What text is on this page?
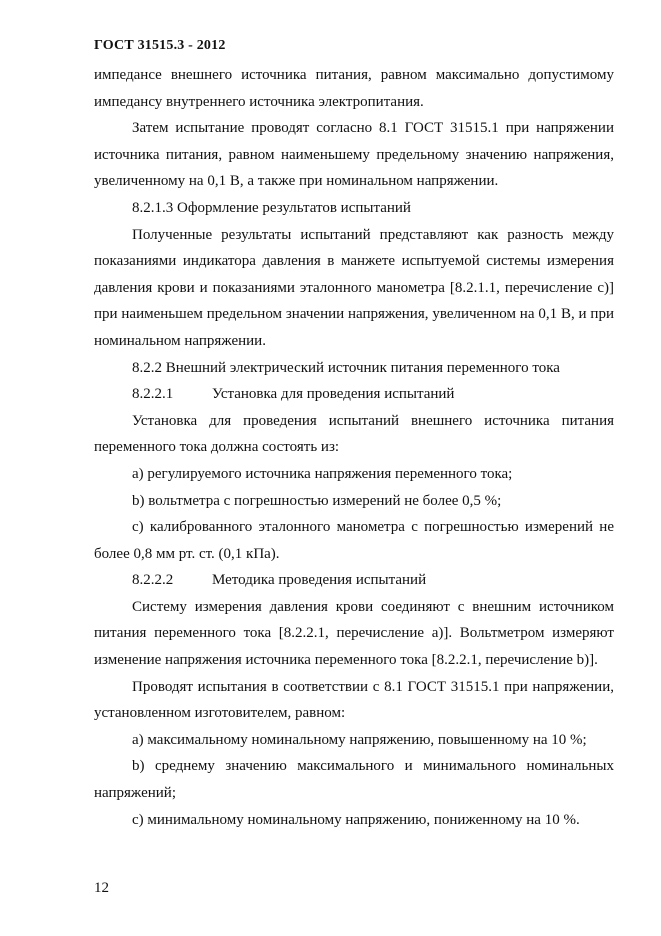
ГОСТ 31515.3 - 2012

импедансе внешнего источника питания, равном максимально допустимому импедансу внутреннего источника электропитания.

Затем испытание проводят согласно 8.1 ГОСТ 31515.1 при напряжении источника питания, равном наименьшему предельному значению напряжения, увеличенному на 0,1 В, а также при номинальном напряжении.

8.2.1.3 Оформление результатов испытаний

Полученные результаты испытаний представляют как разность между показаниями индикатора давления в манжете испытуемой системы измерения давления крови и показаниями эталонного манометра [8.2.1.1, перечисление с)] при наименьшем предельном значении напряжения, увеличенном на 0,1 В, и при номинальном напряжении.

8.2.2 Внешний электрический источник питания переменного тока

8.2.2.1	Установка для проведения испытаний

Установка для проведения испытаний внешнего источника питания переменного тока должна состоять из:

a) регулируемого источника напряжения переменного тока;

b) вольтметра с погрешностью измерений не более 0,5 %;

c) калиброванного эталонного манометра с погрешностью измерений не более 0,8 мм рт. ст. (0,1 кПа).

8.2.2.2	Методика проведения испытаний

Систему измерения давления крови соединяют с внешним источником питания переменного тока [8.2.2.1, перечисление а)]. Вольтметром измеряют изменение напряжения источника переменного тока [8.2.2.1, перечисление b)].

Проводят испытания в соответствии с 8.1 ГОСТ 31515.1 при напряжении, установленном изготовителем, равном:

a) максимальному номинальному напряжению, повышенному на 10 %;

b) среднему значению максимального и минимального номинальных напряжений;

c) минимальному номинальному напряжению, пониженному на 10 %.

12
